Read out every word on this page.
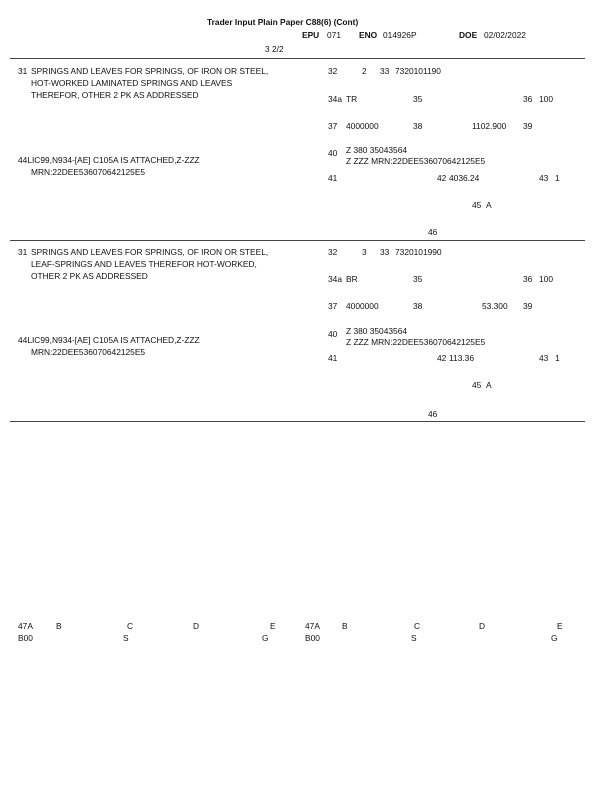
Trader Input Plain Paper C88(6) (Cont)
EPU 071 ENO 014926P	DOE 02/02/2022
3 2/2
31 SPRINGS AND LEAVES FOR SPRINGS, OF IRON OR STEEL,
HOT-WORKED LAMINATED SPRINGS AND LEAVES
THEREFOR, OTHER 2 PK AS ADDRESSED
32	2 33 7320101190
34a TR	35	36 100
37 4000000	38	1102.900 39
40 Z 380 35043564
Z ZZZ MRN:22DEE536070642125E5
44LIC99,N934-[AE] C105A IS ATTACHED,Z-ZZZ
MRN:22DEE536070642125E5
41	42 4036.24	43 1
45 A
46
31 SPRINGS AND LEAVES FOR SPRINGS, OF IRON OR STEEL,
LEAF-SPRINGS AND LEAVES THEREFOR HOT-WORKED,
OTHER 2 PK AS ADDRESSED
32	3 33 7320101990
34a BR	35	36 100
37 4000000	38	53.300 39
40 Z 380 35043564
Z ZZZ MRN:22DEE536070642125E5
44LIC99,N934-[AE] C105A IS ATTACHED,Z-ZZZ
MRN:22DEE536070642125E5
41	42 113.36	43 1
45 A
46
47A	B	C	D	E
B00	S	G
47A	B	C	D	E
B00	S	G
